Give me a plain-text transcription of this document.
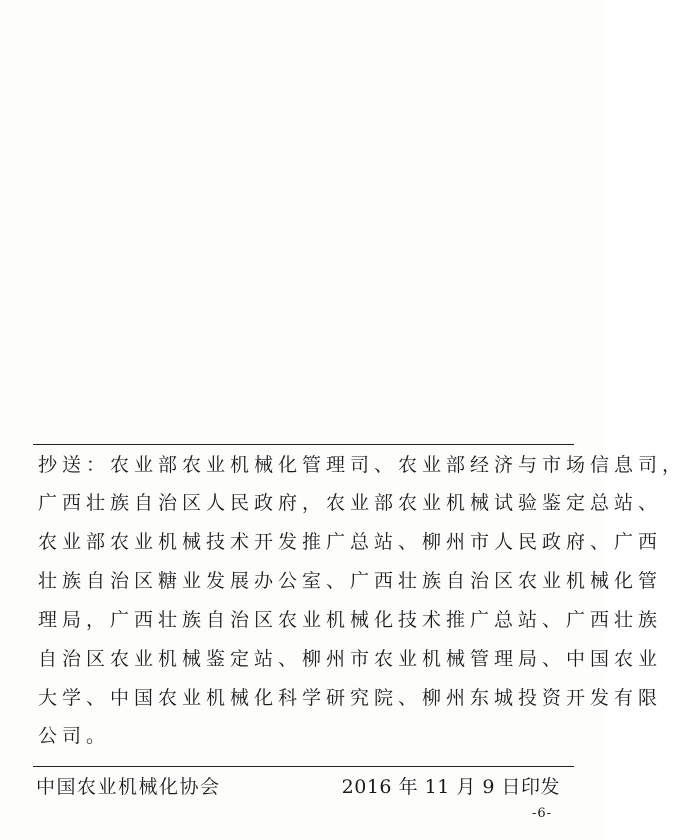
抄送：农业部农业机械化管理司、农业部经济与市场信息司，
广西壮族自治区人民政府，农业部农业机械试验鉴定总站、
农业部农业机械技术开发推广总站、柳州市人民政府、广西
壮族自治区糖业发展办公室、广西壮族自治区农业机械化管
理局，广西壮族自治区农业机械化技术推广总站、广西壮族
自治区农业机械鉴定站、柳州市农业机械管理局、中国农业
大学、中国农业机械化科学研究院、柳州东城投资开发有限
公司。
中国农业机械化协会	2016 年 11 月 9 日印发
-6-
